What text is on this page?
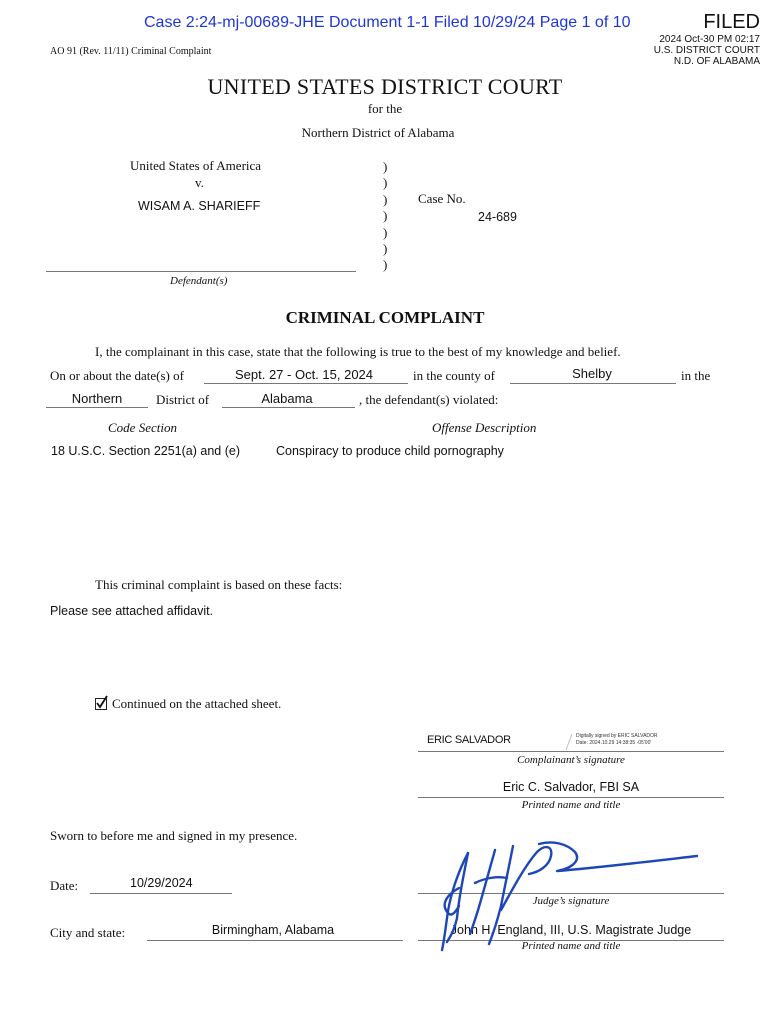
Case 2:24-mj-00689-JHE Document 1-1 Filed 10/29/24 Page 1 of 10
AO 91 (Rev. 11/11) Criminal Complaint
FILED
2024 Oct-30 PM 02:17
U.S. DISTRICT COURT
N.D. OF ALABAMA
UNITED STATES DISTRICT COURT
for the
Northern District of Alabama
United States of America
v.
WISAM A. SHARIEFF
Defendant(s)
)
)
)
)
)
)
)
Case No.
24-689
CRIMINAL COMPLAINT
I, the complainant in this case, state that the following is true to the best of my knowledge and belief.
On or about the date(s) of	Sept. 27 - Oct. 15, 2024	in the county of	Shelby	in the
Northern	District of	Alabama	, the defendant(s) violated:
Code Section	Offense Description
18 U.S.C. Section 2251(a) and (e)	Conspiracy to produce child pornography
This criminal complaint is based on these facts:
Please see attached affidavit.
Continued on the attached sheet.
ERIC SALVADOR	Digitally signed by ERIC SALVADOR
Date: 2024.10.29 14:38:35 -05'00'
Complainant’s signature
Eric C. Salvador, FBI SA
Printed name and title
Sworn to before me and signed in my presence.
Date:	10/29/2024
City and state:	Birmingham, Alabama
Judge’s signature
John H. England, III, U.S. Magistrate Judge
Printed name and title
